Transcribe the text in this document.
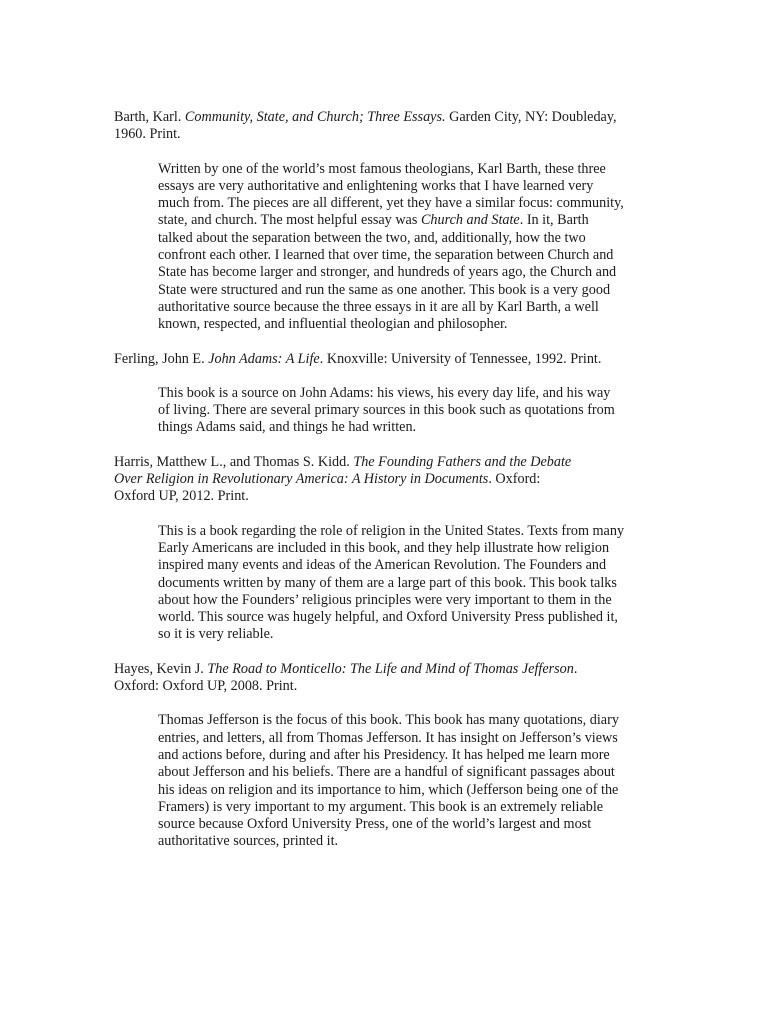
Barth, Karl. Community, State, and Church; Three Essays. Garden City, NY: Doubleday,
1960. Print.
Written by one of the world’s most famous theologians, Karl Barth, these three
essays are very authoritative and enlightening works that I have learned very
much from. The pieces are all different, yet they have a similar focus: community,
state, and church. The most helpful essay was Church and State. In it, Barth
talked about the separation between the two, and, additionally, how the two
confront each other. I learned that over time, the separation between Church and
State has become larger and stronger, and hundreds of years ago, the Church and
State were structured and run the same as one another. This book is a very good
authoritative source because the three essays in it are all by Karl Barth, a well
known, respected, and influential theologian and philosopher.
Ferling, John E. John Adams: A Life. Knoxville: University of Tennessee, 1992. Print.
This book is a source on John Adams: his views, his every day life, and his way
of living. There are several primary sources in this book such as quotations from
things Adams said, and things he had written.
Harris, Matthew L., and Thomas S. Kidd. The Founding Fathers and the Debate
Over Religion in Revolutionary America: A History in Documents. Oxford:
Oxford UP, 2012. Print.
This is a book regarding the role of religion in the United States. Texts from many
Early Americans are included in this book, and they help illustrate how religion
inspired many events and ideas of the American Revolution. The Founders and
documents written by many of them are a large part of this book. This book talks
about how the Founders’ religious principles were very important to them in the
world. This source was hugely helpful, and Oxford University Press published it,
so it is very reliable.
Hayes, Kevin J. The Road to Monticello: The Life and Mind of Thomas Jefferson.
Oxford: Oxford UP, 2008. Print.
Thomas Jefferson is the focus of this book. This book has many quotations, diary
entries, and letters, all from Thomas Jefferson. It has insight on Jefferson’s views
and actions before, during and after his Presidency. It has helped me learn more
about Jefferson and his beliefs. There are a handful of significant passages about
his ideas on religion and its importance to him, which (Jefferson being one of the
Framers) is very important to my argument. This book is an extremely reliable
source because Oxford University Press, one of the world’s largest and most
authoritative sources, printed it.
